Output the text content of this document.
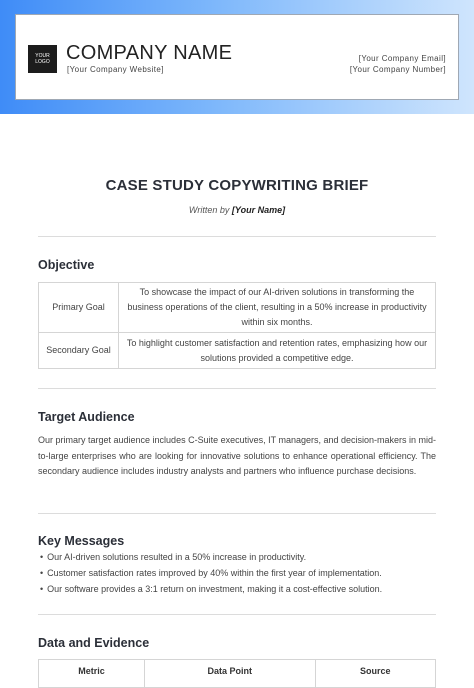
YOUR
LOGO COMPANY NAME
[Your Company Website]
[Your Company Email]
[Your Company Number]
CASE STUDY COPYWRITING BRIEF
Written by [Your Name]
Objective
Primary Goal	To showcase the impact of our AI-driven solutions in transforming the business operations of the client, resulting in a 50% increase in productivity within six months.
Secondary Goal	To highlight customer satisfaction and retention rates, emphasizing how our solutions provided a competitive edge.
Target Audience
Our primary target audience includes C-Suite executives, IT managers, and decision-makers in mid-to-large enterprises who are looking for innovative solutions to enhance operational efficiency. The secondary audience includes industry analysts and partners who influence purchase decisions.
Key Messages
• Our AI-driven solutions resulted in a 50% increase in productivity.
• Customer satisfaction rates improved by 40% within the first year of implementation.
• Our software provides a 3:1 return on investment, making it a cost-effective solution.
Data and Evidence
Metric	Data Point	Source
